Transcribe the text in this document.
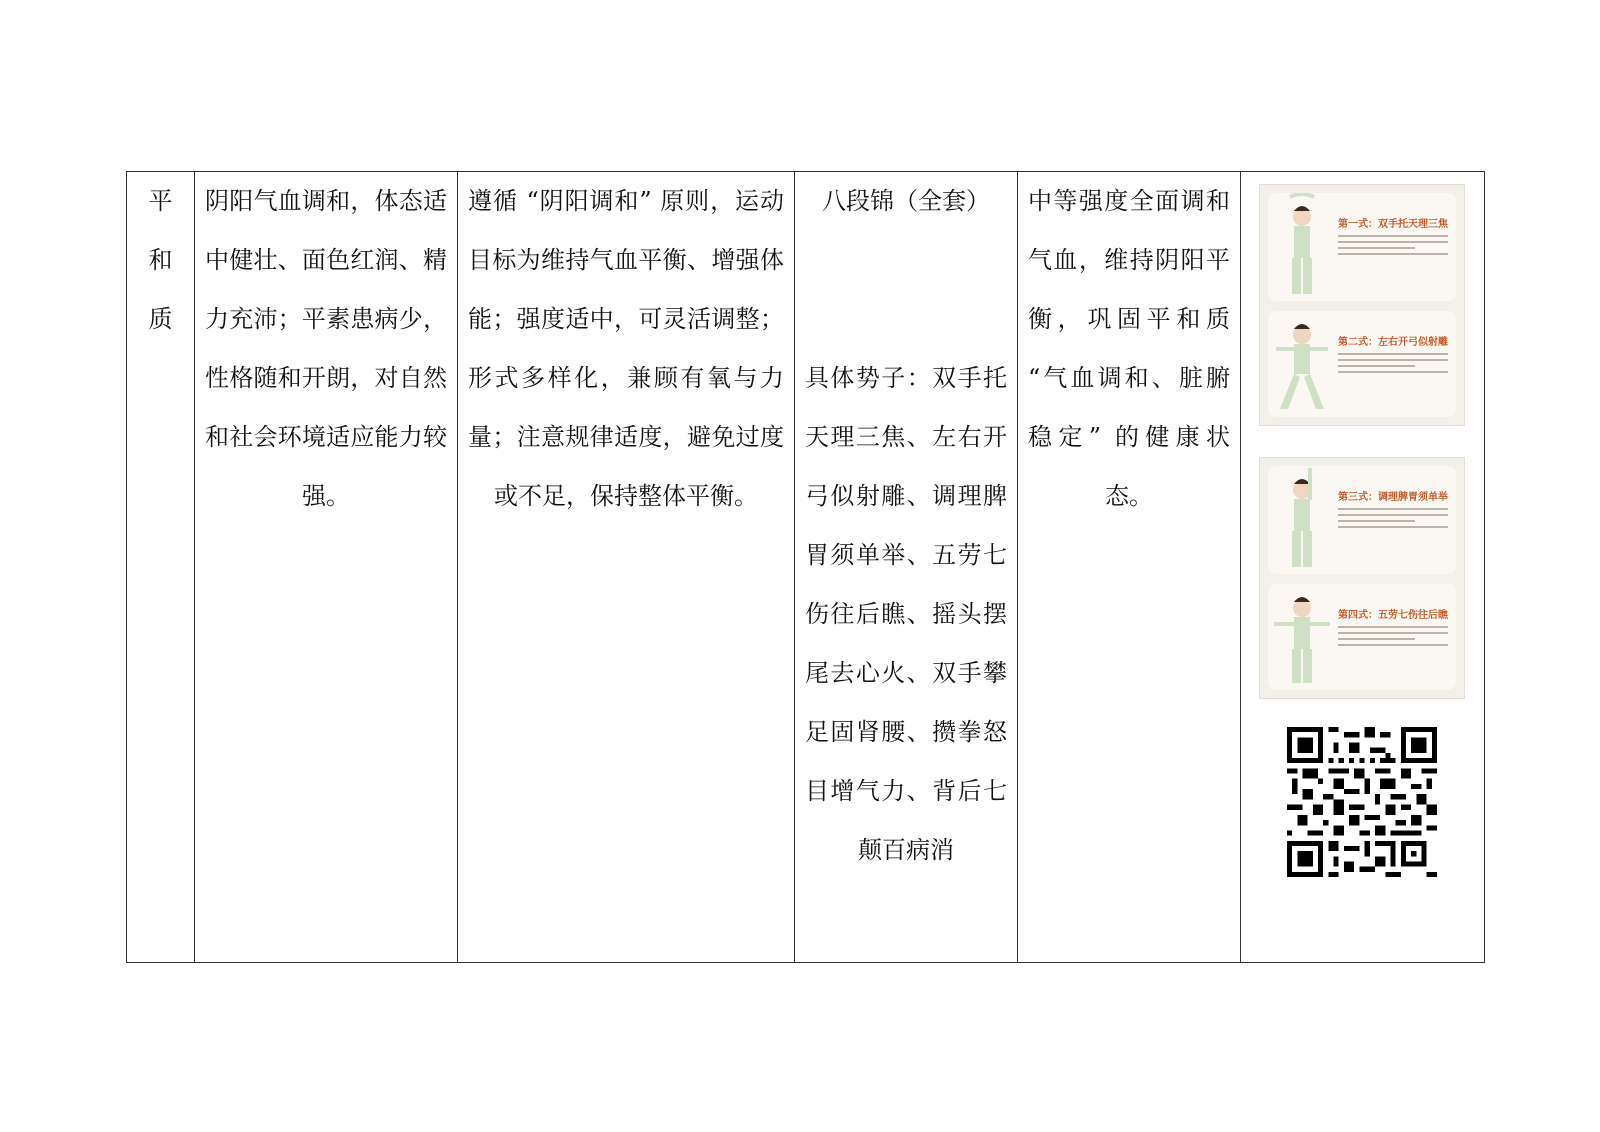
平
和
质

阴阳气血调和，体态适中健壮、面色红润、精力充沛；平素患病少，性格随和开朗，对自然和社会环境适应能力较强。

遵循 “阴阳调和” 原则，运动目标为维持气血平衡、增强体能；强度适中，可灵活调整；形式多样化，兼顾有氧与力量；注意规律适度，避免过度或不足，保持整体平衡。

八段锦（全套）
具体势子：双手托天理三焦、左右开弓似射雕、调理脾胃须单举、五劳七伤往后瞧、摇头摆尾去心火、双手攀足固肾腰、攒拳怒目增气力、背后七颠百病消

中等强度全面调和气血，维持阴阳平衡，巩固平和质 “气血调和、脏腑稳定” 的健康状态。

第一式：双手托天理三焦
第二式：左右开弓似射雕
第三式：调理脾胃须单举
第四式：五劳七伤往后瞧
